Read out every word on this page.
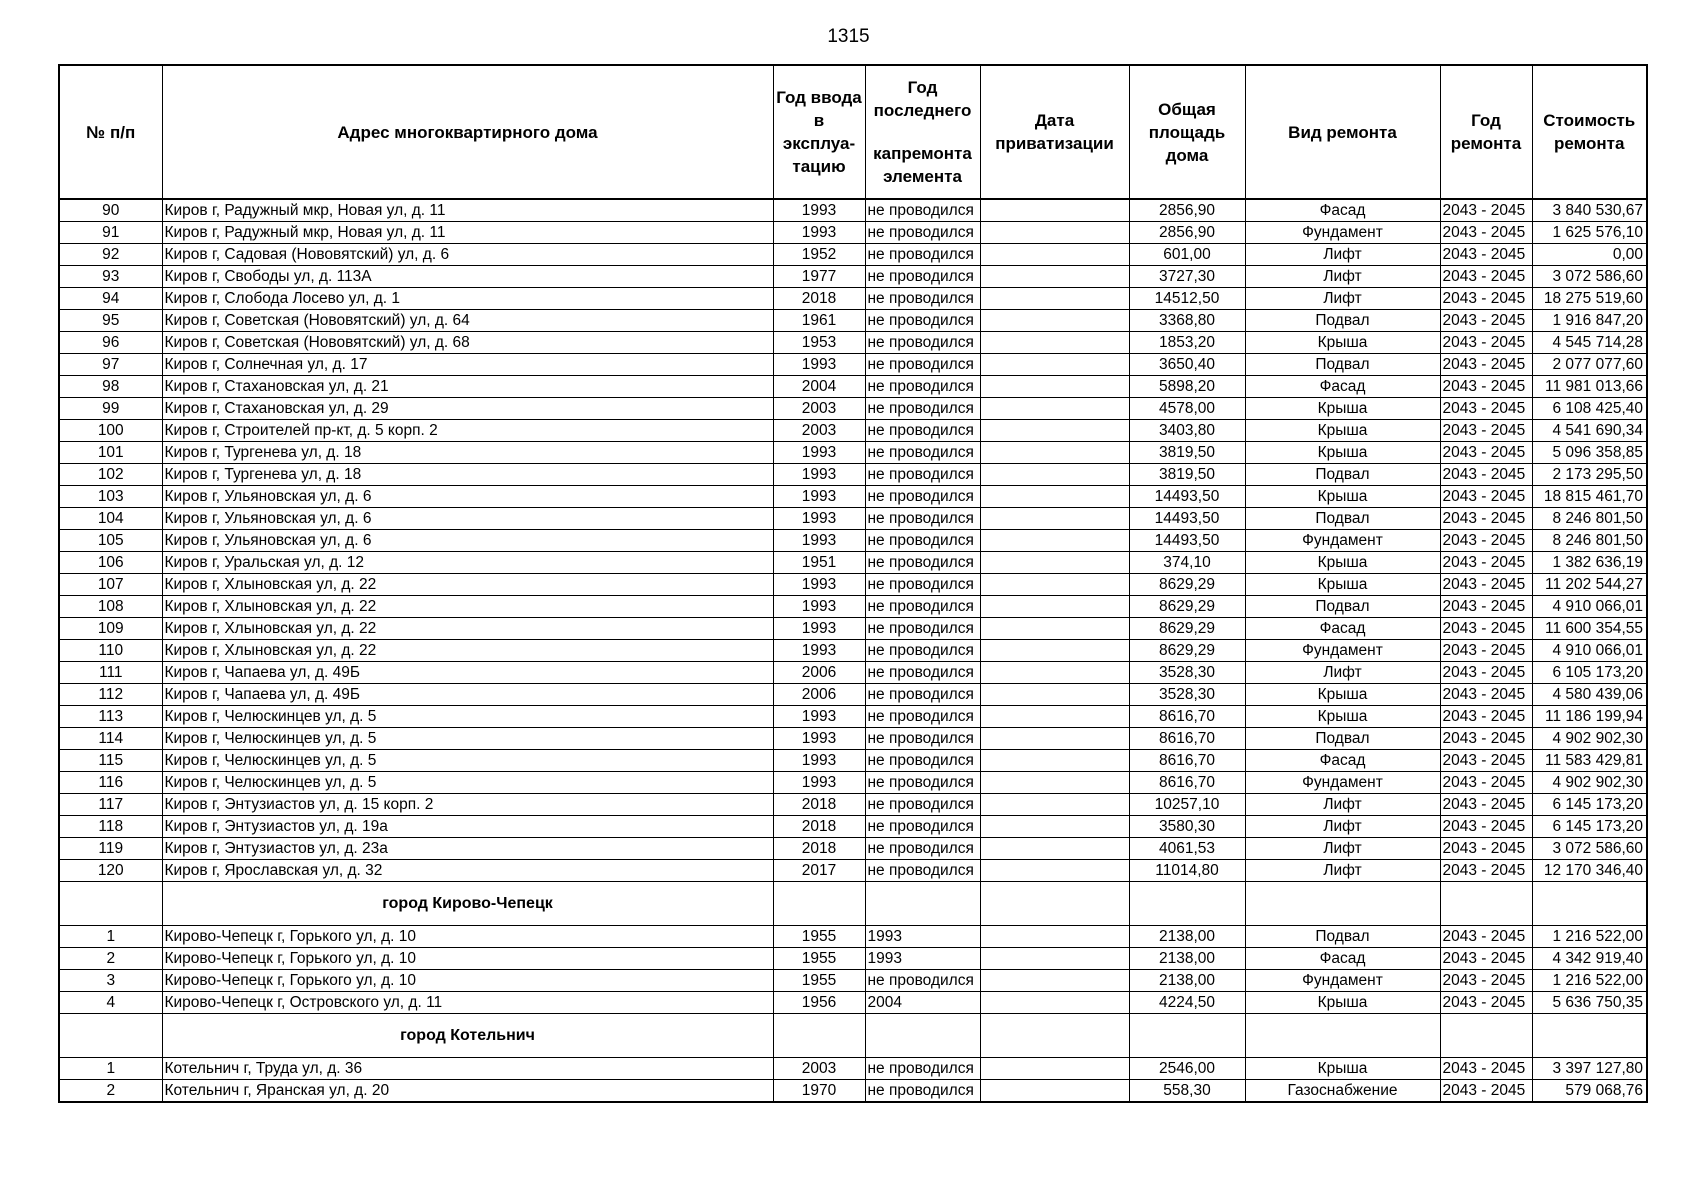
1315
№ п/п	Адрес многоквартирного дома	Год ввода в эксплуа-тацию	Год последнего
капремонта элемента	Дата приватизации	Общая площадь дома	Вид ремонта	Год ремонта	Стоимость ремонта
90	Киров г, Радужный мкр, Новая ул, д. 11	1993	не проводился		2856,90	Фасад	2043 - 2045	3 840 530,67
91	Киров г, Радужный мкр, Новая ул, д. 11	1993	не проводился		2856,90	Фундамент	2043 - 2045	1 625 576,10
92	Киров г, Садовая (Нововятский) ул, д. 6	1952	не проводился		601,00	Лифт	2043 - 2045	0,00
93	Киров г, Свободы ул, д. 113А	1977	не проводился		3727,30	Лифт	2043 - 2045	3 072 586,60
94	Киров г, Слобода Лосево ул, д. 1	2018	не проводился		14512,50	Лифт	2043 - 2045	18 275 519,60
95	Киров г, Советская (Нововятский) ул, д. 64	1961	не проводился		3368,80	Подвал	2043 - 2045	1 916 847,20
96	Киров г, Советская (Нововятский) ул, д. 68	1953	не проводился		1853,20	Крыша	2043 - 2045	4 545 714,28
97	Киров г, Солнечная ул, д. 17	1993	не проводился		3650,40	Подвал	2043 - 2045	2 077 077,60
98	Киров г, Стахановская ул, д. 21	2004	не проводился		5898,20	Фасад	2043 - 2045	11 981 013,66
99	Киров г, Стахановская ул, д. 29	2003	не проводился		4578,00	Крыша	2043 - 2045	6 108 425,40
100	Киров г, Строителей пр-кт, д. 5 корп. 2	2003	не проводился		3403,80	Крыша	2043 - 2045	4 541 690,34
101	Киров г, Тургенева ул, д. 18	1993	не проводился		3819,50	Крыша	2043 - 2045	5 096 358,85
102	Киров г, Тургенева ул, д. 18	1993	не проводился		3819,50	Подвал	2043 - 2045	2 173 295,50
103	Киров г, Ульяновская ул, д. 6	1993	не проводился		14493,50	Крыша	2043 - 2045	18 815 461,70
104	Киров г, Ульяновская ул, д. 6	1993	не проводился		14493,50	Подвал	2043 - 2045	8 246 801,50
105	Киров г, Ульяновская ул, д. 6	1993	не проводился		14493,50	Фундамент	2043 - 2045	8 246 801,50
106	Киров г, Уральская ул, д. 12	1951	не проводился		374,10	Крыша	2043 - 2045	1 382 636,19
107	Киров г, Хлыновская ул, д. 22	1993	не проводился		8629,29	Крыша	2043 - 2045	11 202 544,27
108	Киров г, Хлыновская ул, д. 22	1993	не проводился		8629,29	Подвал	2043 - 2045	4 910 066,01
109	Киров г, Хлыновская ул, д. 22	1993	не проводился		8629,29	Фасад	2043 - 2045	11 600 354,55
110	Киров г, Хлыновская ул, д. 22	1993	не проводился		8629,29	Фундамент	2043 - 2045	4 910 066,01
111	Киров г, Чапаева ул, д. 49Б	2006	не проводился		3528,30	Лифт	2043 - 2045	6 105 173,20
112	Киров г, Чапаева ул, д. 49Б	2006	не проводился		3528,30	Крыша	2043 - 2045	4 580 439,06
113	Киров г, Челюскинцев ул, д. 5	1993	не проводился		8616,70	Крыша	2043 - 2045	11 186 199,94
114	Киров г, Челюскинцев ул, д. 5	1993	не проводился		8616,70	Подвал	2043 - 2045	4 902 902,30
115	Киров г, Челюскинцев ул, д. 5	1993	не проводился		8616,70	Фасад	2043 - 2045	11 583 429,81
116	Киров г, Челюскинцев ул, д. 5	1993	не проводился		8616,70	Фундамент	2043 - 2045	4 902 902,30
117	Киров г, Энтузиастов ул, д. 15 корп. 2	2018	не проводился		10257,10	Лифт	2043 - 2045	6 145 173,20
118	Киров г, Энтузиастов ул, д. 19а	2018	не проводился		3580,30	Лифт	2043 - 2045	6 145 173,20
119	Киров г, Энтузиастов ул, д. 23а	2018	не проводился		4061,53	Лифт	2043 - 2045	3 072 586,60
120	Киров г, Ярославская ул, д. 32	2017	не проводился		11014,80	Лифт	2043 - 2045	12 170 346,40
	город Кирово-Чепецк							
1	Кирово-Чепецк г, Горького ул, д. 10	1955	1993		2138,00	Подвал	2043 - 2045	1 216 522,00
2	Кирово-Чепецк г, Горького ул, д. 10	1955	1993		2138,00	Фасад	2043 - 2045	4 342 919,40
3	Кирово-Чепецк г, Горького ул, д. 10	1955	не проводился		2138,00	Фундамент	2043 - 2045	1 216 522,00
4	Кирово-Чепецк г, Островского ул, д. 11	1956	2004		4224,50	Крыша	2043 - 2045	5 636 750,35
	город Котельнич							
1	Котельнич г, Труда ул, д. 36	2003	не проводился		2546,00	Крыша	2043 - 2045	3 397 127,80
2	Котельнич г, Яранская ул, д. 20	1970	не проводился		558,30	Газоснабжение	2043 - 2045	579 068,76
